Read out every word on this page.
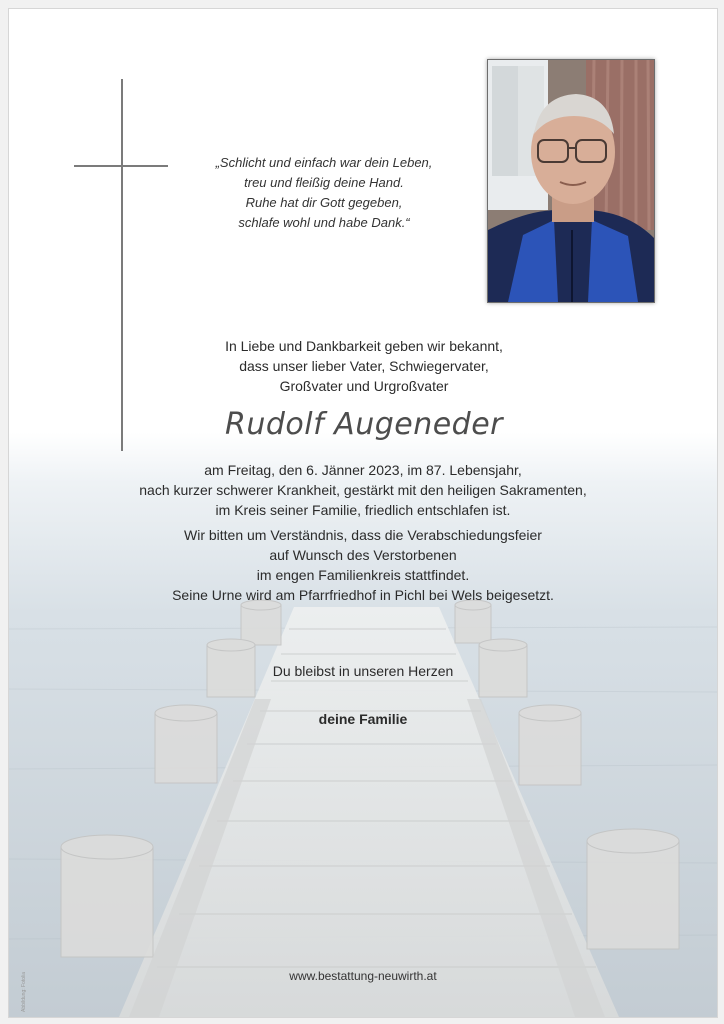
„Schlicht und einfach war dein Leben,
treu und fleißig deine Hand.
Ruhe hat dir Gott gegeben,
schlafe wohl und habe Dank.“
In Liebe und Dankbarkeit geben wir bekannt,
dass unser lieber Vater, Schwiegervater,
Großvater und Urgroßvater
Rudolf Augeneder
am Freitag, den 6. Jänner 2023, im 87. Lebensjahr,
nach kurzer schwerer Krankheit, gestärkt mit den heiligen Sakramenten,
im Kreis seiner Familie, friedlich entschlafen ist.
Wir bitten um Verständnis, dass die Verabschiedungsfeier
auf Wunsch des Verstorbenen
im engen Familienkreis stattfindet.
Seine Urne wird am Pfarrfriedhof in Pichl bei Wels beigesetzt.
Du bleibst in unseren Herzen
deine Familie
www.bestattung-neuwirth.at
Abbildung: Fotolia
